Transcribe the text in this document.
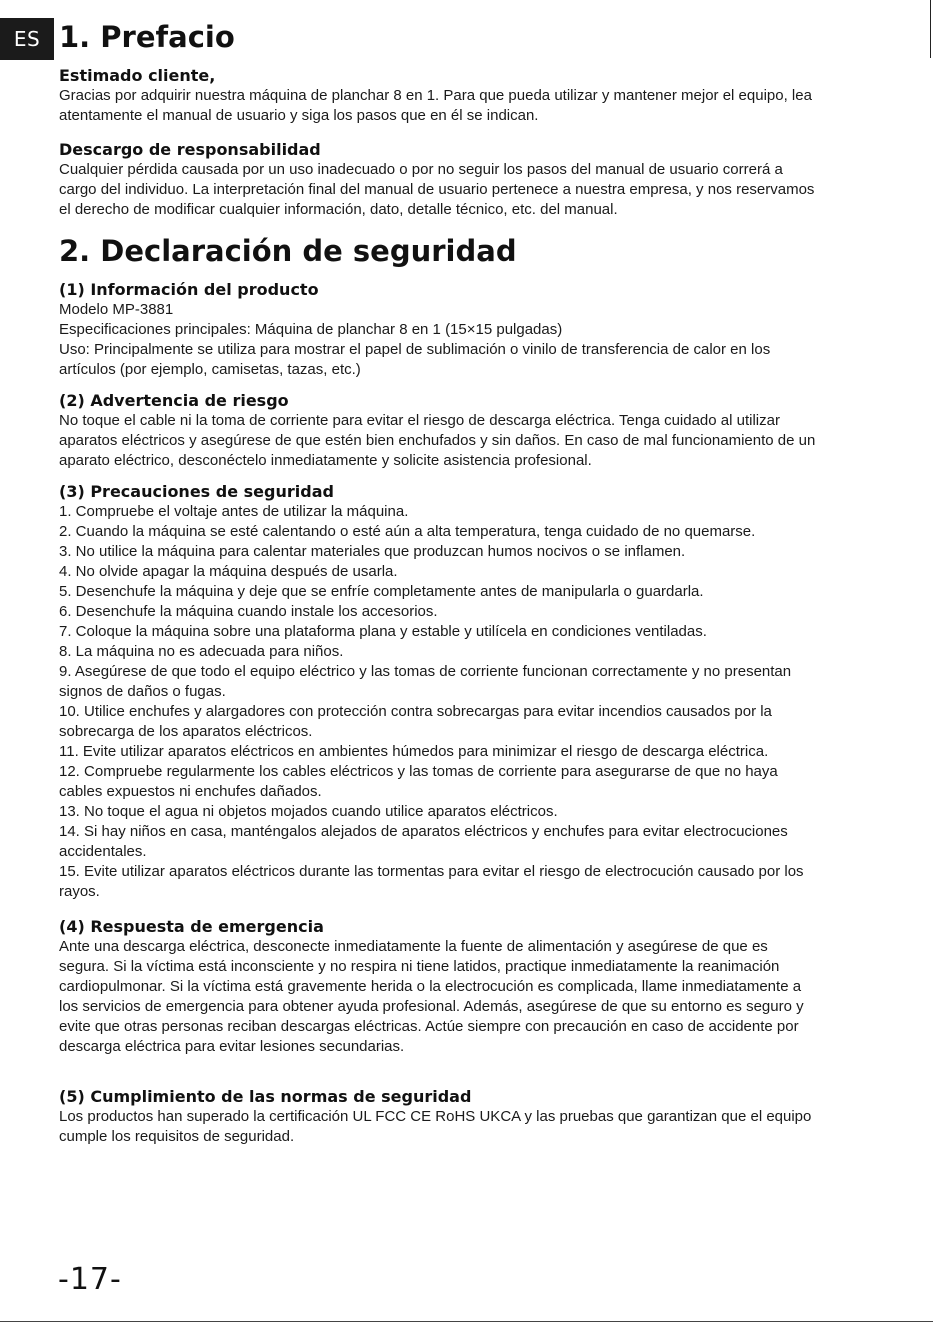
ES 1. Prefacio
Estimado cliente,

Gracias por adquirir nuestra máquina de planchar 8 en 1. Para que pueda utilizar y mantener mejor el equipo, lea atentamente el manual de usuario y siga los pasos que en él se indican.

Descargo de responsabilidad

Cualquier pérdida causada por un uso inadecuado o por no seguir los pasos del manual de usuario correrá a cargo del individuo. La interpretación final del manual de usuario pertenece a nuestra empresa, y nos reservamos el derecho de modificar cualquier información, dato, detalle técnico, etc. del manual.

2. Declaración de seguridad
(1) Información del producto

Modelo MP-3881

Especificaciones principales: Máquina de planchar 8 en 1 (15×15 pulgadas)

Uso: Principalmente se utiliza para mostrar el papel de sublimación o vinilo de transferencia de calor en los artículos (por ejemplo, camisetas, tazas, etc.)

(2) Advertencia de riesgo

No toque el cable ni la toma de corriente para evitar el riesgo de descarga eléctrica. Tenga cuidado al utilizar aparatos eléctricos y asegúrese de que estén bien enchufados y sin daños. En caso de mal funcionamiento de un aparato eléctrico, desconéctelo inmediatamente y solicite asistencia profesional.

(3) Precauciones de seguridad

1. Compruebe el voltaje antes de utilizar la máquina.

2. Cuando la máquina se esté calentando o esté aún a alta temperatura, tenga cuidado de no quemarse.

3. No utilice la máquina para calentar materiales que produzcan humos nocivos o se inflamen.

4. No olvide apagar la máquina después de usarla.

5. Desenchufe la máquina y deje que se enfríe completamente antes de manipularla o guardarla.

6. Desenchufe la máquina cuando instale los accesorios.

7. Coloque la máquina sobre una plataforma plana y estable y utilícela en condiciones ventiladas.

8. La máquina no es adecuada para niños.

9. Asegúrese de que todo el equipo eléctrico y las tomas de corriente funcionan correctamente y no presentan signos de daños o fugas.

10. Utilice enchufes y alargadores con protección contra sobrecargas para evitar incendios causados por la sobrecarga de los aparatos eléctricos.

11. Evite utilizar aparatos eléctricos en ambientes húmedos para minimizar el riesgo de descarga eléctrica.

12. Compruebe regularmente los cables eléctricos y las tomas de corriente para asegurarse de que no haya cables expuestos ni enchufes dañados.

13. No toque el agua ni objetos mojados cuando utilice aparatos eléctricos.

14. Si hay niños en casa, manténgalos alejados de aparatos eléctricos y enchufes para evitar electrocuciones accidentales.

15. Evite utilizar aparatos eléctricos durante las tormentas para evitar el riesgo de electrocución causado por los rayos.

(4) Respuesta de emergencia

Ante una descarga eléctrica, desconecte inmediatamente la fuente de alimentación y asegúrese de que es segura. Si la víctima está inconsciente y no respira ni tiene latidos, practique inmediatamente la reanimación cardiopulmonar. Si la víctima está gravemente herida o la electrocución es complicada, llame inmediatamente a los servicios de emergencia para obtener ayuda profesional. Además, asegúrese de que su entorno es seguro y evite que otras personas reciban descargas eléctricas. Actúe siempre con precaución en caso de accidente por descarga eléctrica para evitar lesiones secundarias.

(5) Cumplimiento de las normas de seguridad

Los productos han superado la certificación UL FCC CE RoHS UKCA y las pruebas que garantizan que el equipo cumple los requisitos de seguridad.

-17-
